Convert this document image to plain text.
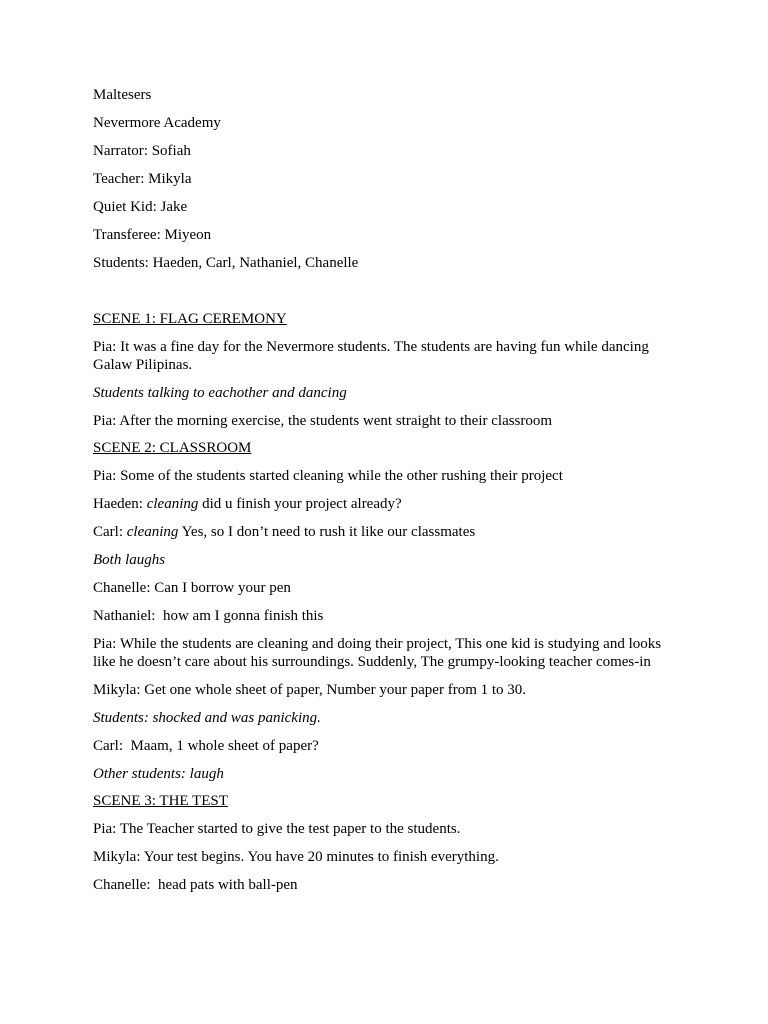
Maltesers
Nevermore Academy
Narrator: Sofiah
Teacher: Mikyla
Quiet Kid: Jake
Transferee: Miyeon
Students: Haeden, Carl, Nathaniel, Chanelle
SCENE 1: FLAG CEREMONY
Pia: It was a fine day for the Nevermore students. The students are having fun while dancing Galaw Pilipinas.
Students talking to eachother and dancing
Pia: After the morning exercise, the students went straight to their classroom
SCENE 2: CLASSROOM
Pia: Some of the students started cleaning while the other rushing their project
Haeden: cleaning did u finish your project already?
Carl: cleaning Yes, so I don’t need to rush it like our classmates
Both laughs
Chanelle: Can I borrow your pen
Nathaniel:  how am I gonna finish this
Pia: While the students are cleaning and doing their project, This one kid is studying and looks like he doesn’t care about his surroundings. Suddenly, The grumpy-looking teacher comes-in
Mikyla: Get one whole sheet of paper, Number your paper from 1 to 30.
Students: shocked and was panicking.
Carl:  Maam, 1 whole sheet of paper?
Other students: laugh
SCENE 3: THE TEST
Pia: The Teacher started to give the test paper to the students.
Mikyla: Your test begins. You have 20 minutes to finish everything.
Chanelle:  head pats with ball-pen
